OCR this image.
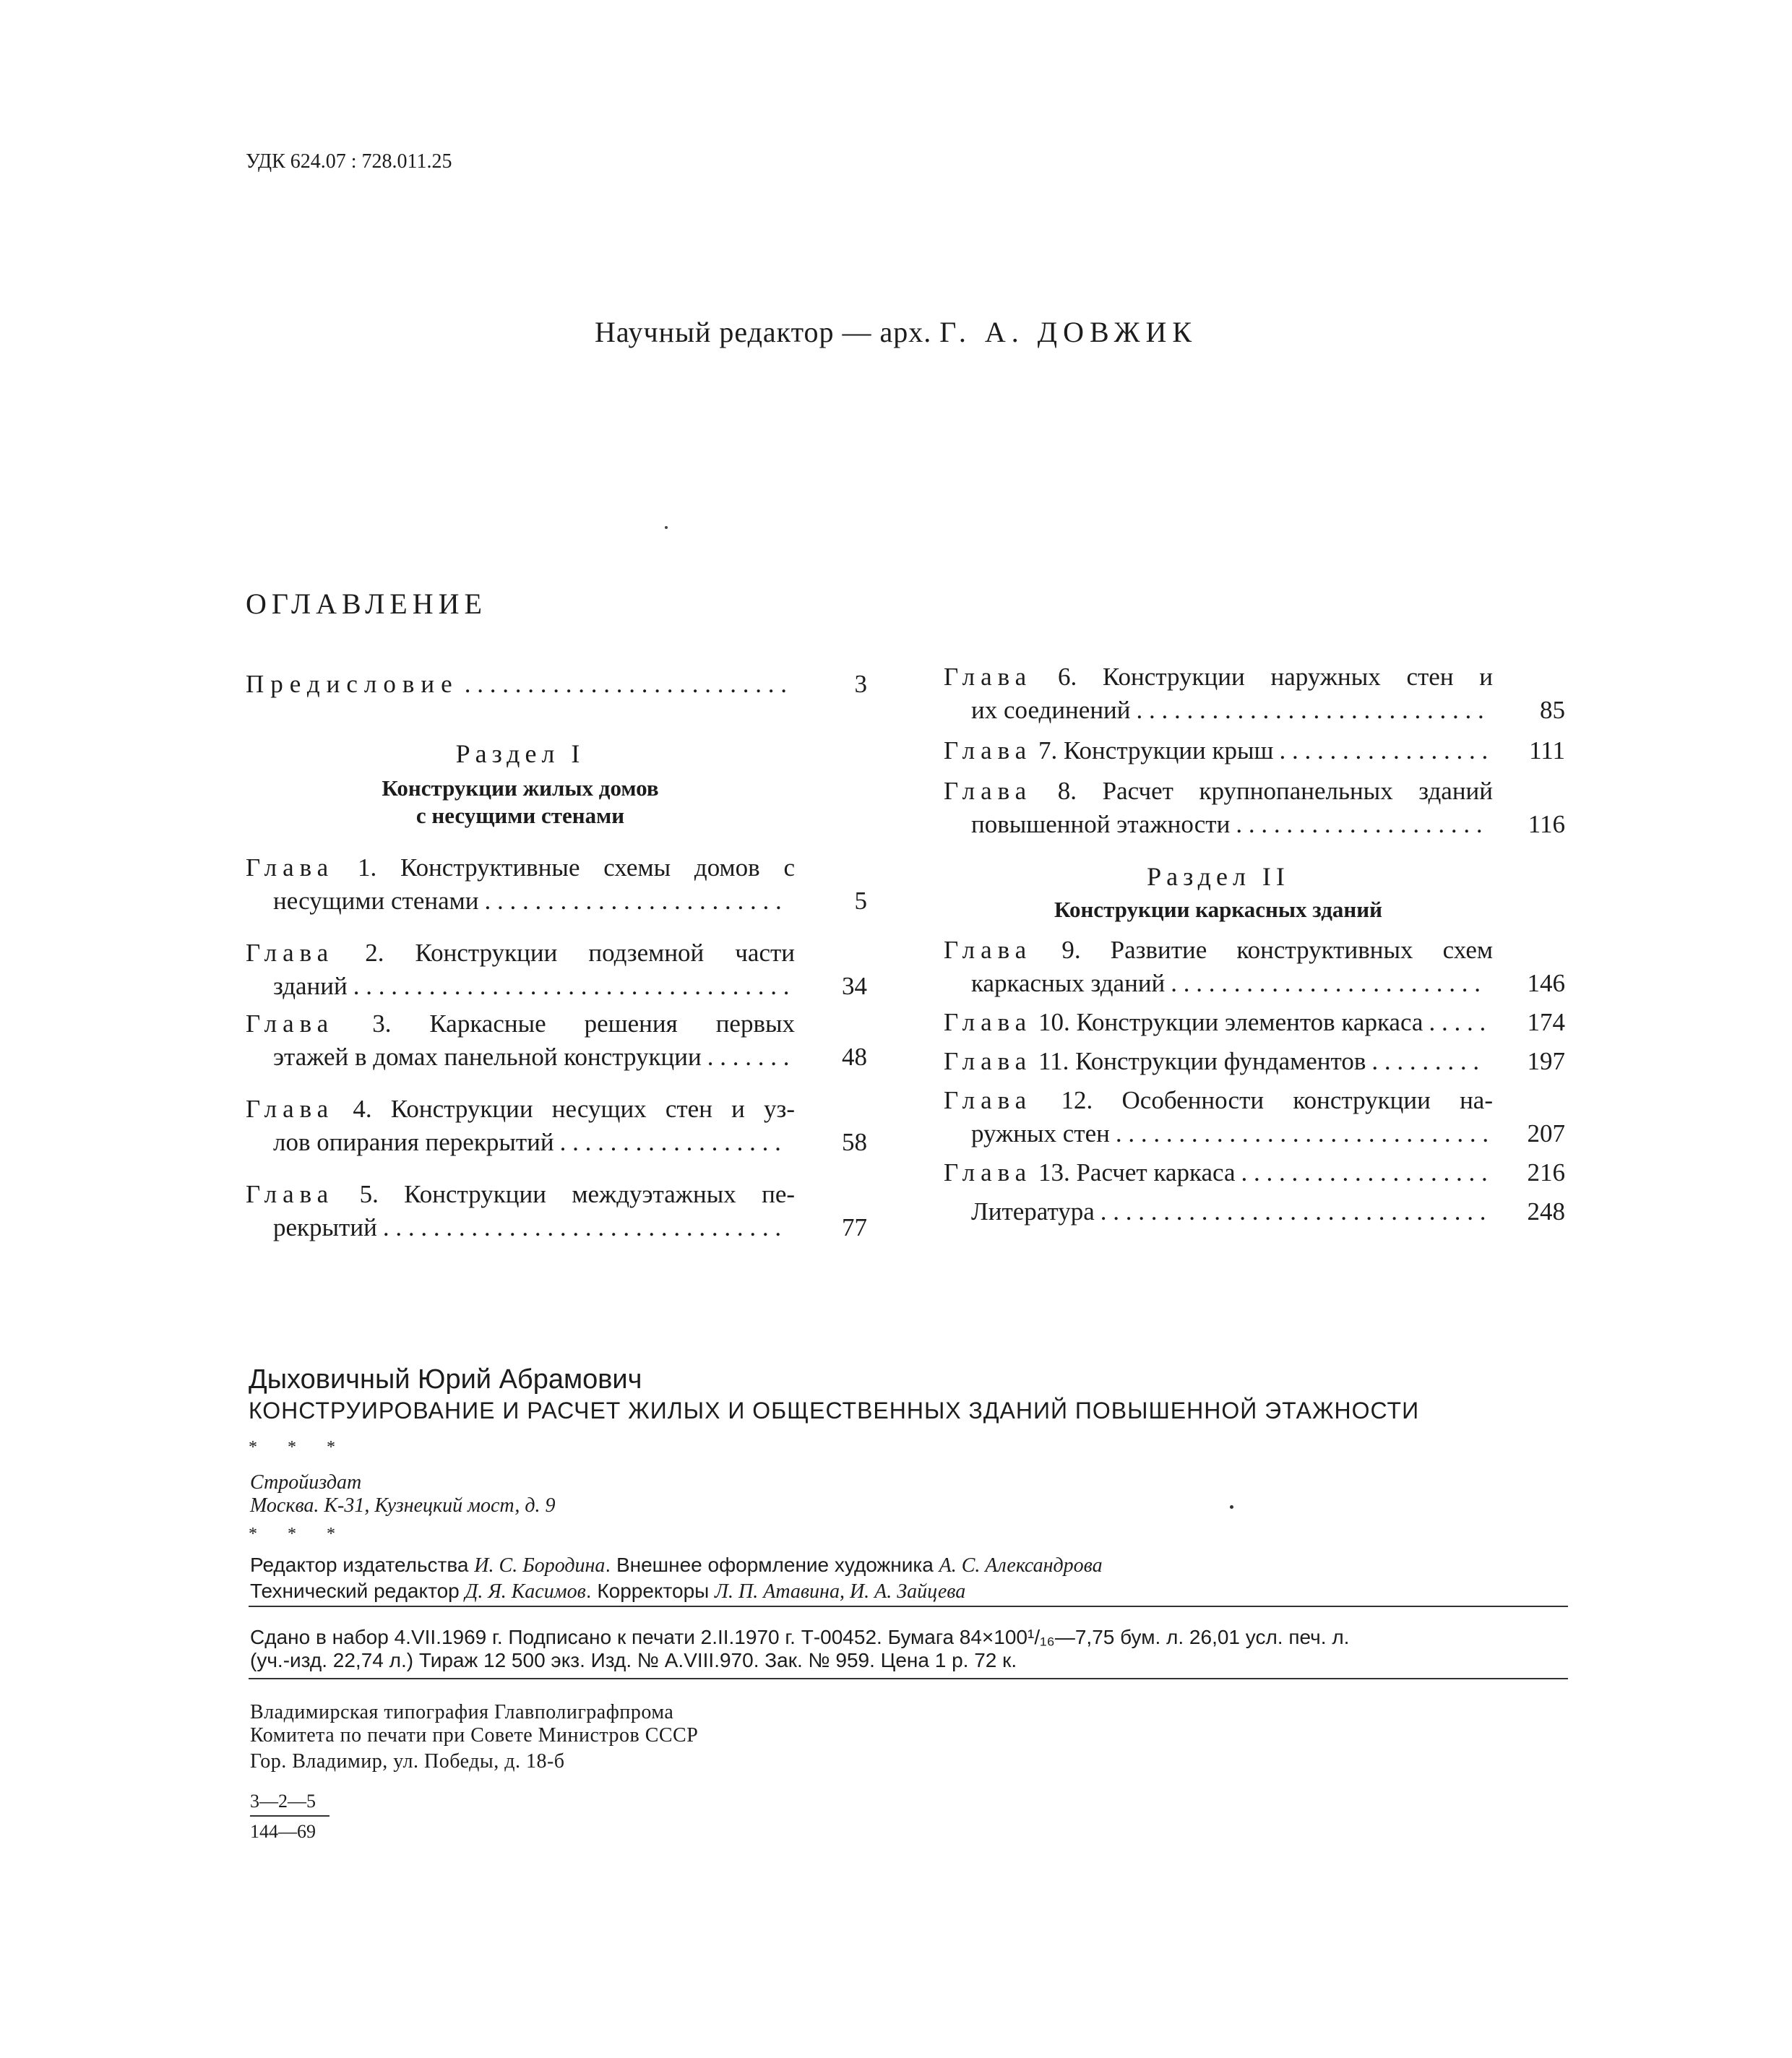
УДК 624.07 : 728.011.25
Научный редактор — арх. Г. А. ДОВЖИК
ОГЛАВЛЕНИЕ
Предисловие . . .	3
Раздел I
Конструкции жилых домов
с несущими стенами
Глава 1. Конструктивные схемы домов с
несущими стенами . . .	5
Глава 2. Конструкции подземной части
зданий . . .	34
Глава 3. Каркасные решения первых
этажей в домах панельной конструкции . . .	48
Глава 4. Конструкции несущих стен и уз-
лов опирания перекрытий . . .	58
Глава 5. Конструкции междуэтажных пе-
рекрытий . . .	77
Глава 6. Конструкции наружных стен и
их соединений . . .	85
Глава 7. Конструкции крыш . . .	111
Глава 8. Расчет крупнопанельных зданий
повышенной этажности . . .	116
Раздел II
Конструкции каркасных зданий
Глава 9. Развитие конструктивных схем
каркасных зданий . . .	146
Глава 10. Конструкции элементов каркаса . . .	174
Глава 11. Конструкции фундаментов . . .	197
Глава 12. Особенности конструкции на-
ружных стен . . .	207
Глава 13. Расчет каркаса . . .	216
Литература . . .	248
Дыховичный Юрий Абрамович
КОНСТРУИРОВАНИЕ И РАСЧЕТ ЖИЛЫХ И ОБЩЕСТВЕННЫХ ЗДАНИЙ ПОВЫШЕННОЙ ЭТАЖНОСТИ
* * *
Стройиздат
Москва. К-31, Кузнецкий мост, д. 9
* * *
Редактор издательства И. С. Бородина. Внешнее оформление художника А. С. Александрова
Технический редактор Д. Я. Касимов. Корректоры Л. П. Атавина, И. А. Зайцева
Сдано в набор 4.VII.1969 г. Подписано к печати 2.II.1970 г. Т-00452. Бумага 84×100¹/₁₆—7,75 бум. л. 26,01 усл. печ. л.
(уч.-изд. 22,74 л.) Тираж 12 500 экз. Изд. № A.VIII.970. Зак. № 959. Цена 1 р. 72 к.
Владимирская типография Главполиграфпрома
Комитета по печати при Совете Министров СССР
Гор. Владимир, ул. Победы, д. 18-б
3—2—5
144—69
